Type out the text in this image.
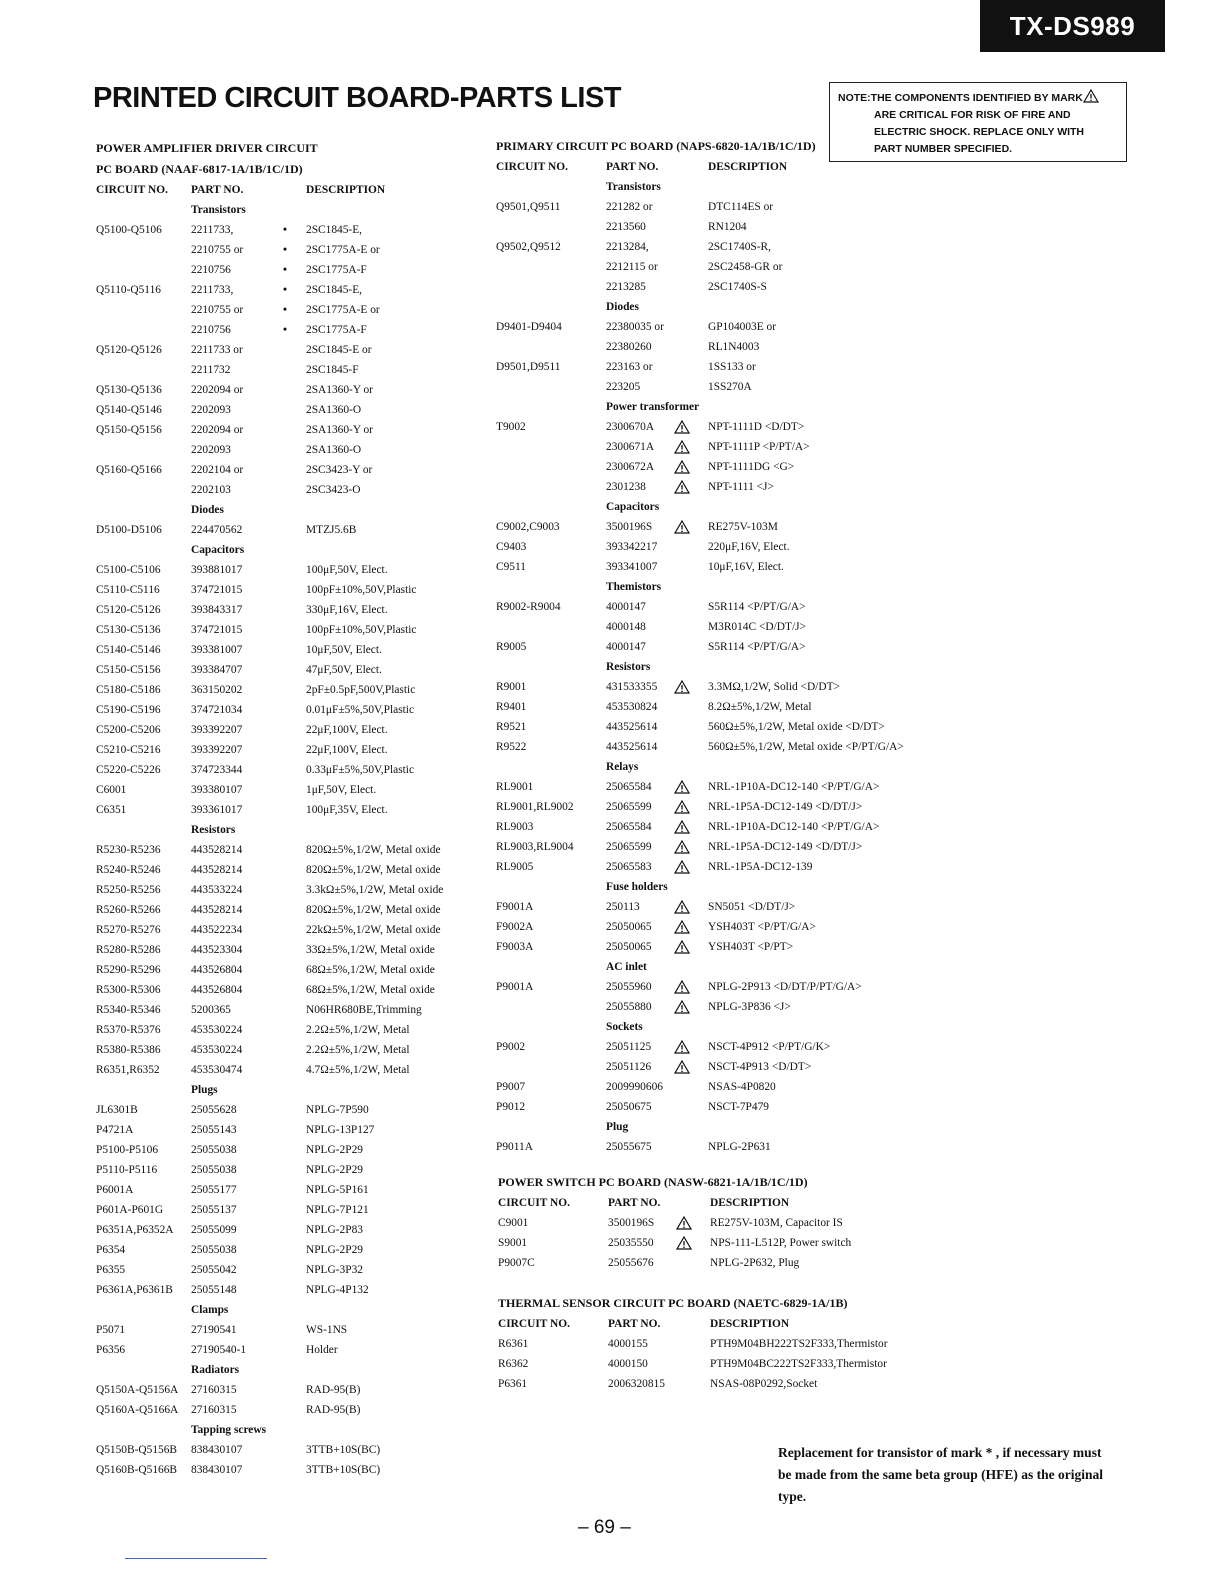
TX-DS989
PRINTED CIRCUIT BOARD-PARTS LIST	NOTE:THE COMPONENTS IDENTIFIED BY MARK
ARE CRITICAL FOR RISK OF FIRE AND
ELECTRIC SHOCK. REPLACE ONLY WITH
PART NUMBER SPECIFIED.
POWER AMPLIFIER DRIVER CIRCUIT
PC BOARD (NAAF-6817-1A/1B/1C/1D)
CIRCUIT NO. PART NO.	DESCRIPTION
Transistors
Q5100-Q5106	2211733,	• 2SC1845-E,
2210755 or	• 2SC1775A-E or
2210756	• 2SC1775A-F
Q5110-Q5116	2211733,	• 2SC1845-E,
2210755 or	• 2SC1775A-E or
2210756	• 2SC1775A-F
Q5120-Q5126	2211733 or	2SC1845-E or
2211732	2SC1845-F
Q5130-Q5136	2202094 or	2SA1360-Y or
Q5140-Q5146	2202093	2SA1360-O
Q5150-Q5156	2202094 or	2SA1360-Y or
2202093	2SA1360-O
Q5160-Q5166	2202104 or	2SC3423-Y or
2202103	2SC3423-O
Diodes
D5100-D5106	224470562	MTZJ5.6B
Capacitors
C5100-C5106	393881017	100μF,50V, Elect.
C5110-C5116	374721015	100pF±10%,50V,Plastic
C5120-C5126	393843317	330μF,16V, Elect.
C5130-C5136	374721015	100pF±10%,50V,Plastic
C5140-C5146	393381007	10μF,50V, Elect.
C5150-C5156	393384707	47μF,50V, Elect.
C5180-C5186	363150202	2pF±0.5pF,500V,Plastic
C5190-C5196	374721034	0.01μF±5%,50V,Plastic
C5200-C5206	393392207	22μF,100V, Elect.
C5210-C5216	393392207	22μF,100V, Elect.
C5220-C5226	374723344	0.33μF±5%,50V,Plastic
C6001	393380107	1μF,50V, Elect.
C6351	393361017	100μF,35V, Elect.
Resistors
R5230-R5236	443528214	820Ω±5%,1/2W, Metal oxide
R5240-R5246	443528214	820Ω±5%,1/2W, Metal oxide
R5250-R5256	443533224	3.3kΩ±5%,1/2W, Metal oxide
R5260-R5266	443528214	820Ω±5%,1/2W, Metal oxide
R5270-R5276	443522234	22kΩ±5%,1/2W, Metal oxide
R5280-R5286	443523304	33Ω±5%,1/2W, Metal oxide
R5290-R5296	443526804	68Ω±5%,1/2W, Metal oxide
R5300-R5306	443526804	68Ω±5%,1/2W, Metal oxide
R5340-R5346	5200365	N06HR680BE,Trimming
R5370-R5376	453530224	2.2Ω±5%,1/2W, Metal
R5380-R5386	453530224	2.2Ω±5%,1/2W, Metal
R6351,R6352	453530474	4.7Ω±5%,1/2W, Metal
Plugs
JL6301B	25055628	NPLG-7P590
P4721A	25055143	NPLG-13P127
P5100-P5106	25055038	NPLG-2P29
P5110-P5116	25055038	NPLG-2P29
P6001A	25055177	NPLG-5P161
P601A-P601G 25055137	NPLG-7P121
P6351A,P6352A 25055099	NPLG-2P83
P6354	25055038	NPLG-2P29
P6355	25055042	NPLG-3P32
P6361A,P6361B 25055148	NPLG-4P132
Clamps
P5071	27190541	WS-1NS
P6356	27190540-1	Holder
Radiators
Q5150A-Q5156A 27160315	RAD-95(B)
Q5160A-Q5166A 27160315	RAD-95(B)
Tapping screws
Q5150B-Q5156B 838430107	3TTB+10S(BC)
Q5160B-Q5166B 838430107	3TTB+10S(BC)
PRIMARY CIRCUIT PC BOARD (NAPS-6820-1A/1B/1C/1D)
CIRCUIT NO.	PART NO.	DESCRIPTION
Transistors
Q9501,Q9511	221282 or	DTC114ES or
2213560	RN1204
Q9502,Q9512	2213284,	2SC1740S-R,
2212115 or	2SC2458-GR or
2213285	2SC1740S-S
Diodes
D9401-D9404	22380035 or	GP104003E or
22380260	RL1N4003
D9501,D9511	223163 or	1SS133 or
223205	1SS270A
Power transformer
T9002	2300670A	NPT-1111D <D/DT>
2300671A	NPT-1111P <P/PT/A>
2300672A	NPT-1111DG <G>
2301238	NPT-1111 <J>
Capacitors
C9002,C9003	3500196S	RE275V-103M
C9403	393342217	220μF,16V, Elect.
C9511	393341007	10μF,16V, Elect.
Themistors
R9002-R9004	4000147	S5R114 <P/PT/G/A>
4000148	M3R014C <D/DT/J>
R9005	4000147	S5R114 <P/PT/G/A>
Resistors
R9001	431533355	3.3MΩ,1/2W, Solid <D/DT>
R9401	453530824	8.2Ω±5%,1/2W, Metal
R9521	443525614	560Ω±5%,1/2W, Metal oxide <D/DT>
R9522	443525614	560Ω±5%,1/2W, Metal oxide <P/PT/G/A>
Relays
RL9001	25065584	NRL-1P10A-DC12-140 <P/PT/G/A>
RL9001,RL9002	25065599	NRL-1P5A-DC12-149 <D/DT/J>
RL9003	25065584	NRL-1P10A-DC12-140 <P/PT/G/A>
RL9003,RL9004	25065599	NRL-1P5A-DC12-149 <D/DT/J>
RL9005	25065583	NRL-1P5A-DC12-139
Fuse holders
F9001A	250113	SN5051 <D/DT/J>
F9002A	25050065	YSH403T <P/PT/G/A>
F9003A	25050065	YSH403T <P/PT>
AC inlet
P9001A	25055960	NPLG-2P913 <D/DT/P/PT/G/A>
25055880	NPLG-3P836 <J>
Sockets
P9002	25051125	NSCT-4P912 <P/PT/G/K>
25051126	NSCT-4P913 <D/DT>
P9007	2009990606	NSAS-4P0820
P9012	25050675	NSCT-7P479
Plug
P9011A	25055675	NPLG-2P631
POWER SWITCH PC BOARD (NASW-6821-1A/1B/1C/1D)
CIRCUIT NO.	PART NO.	DESCRIPTION
C9001	3500196S	RE275V-103M, Capacitor IS
S9001	25035550	NPS-111-L512P, Power switch
P9007C	25055676	NPLG-2P632, Plug
THERMAL SENSOR CIRCUIT PC BOARD (NAETC-6829-1A/1B)
CIRCUIT NO.	PART NO.	DESCRIPTION
R6361	4000155	PTH9M04BH222TS2F333,Thermistor
R6362	4000150	PTH9M04BC222TS2F333,Thermistor
P6361	2006320815	NSAS-08P0292,Socket
Replacement for transistor of mark * , if necessary must be made from the same beta group (HFE) as the original type.
– 69 –
